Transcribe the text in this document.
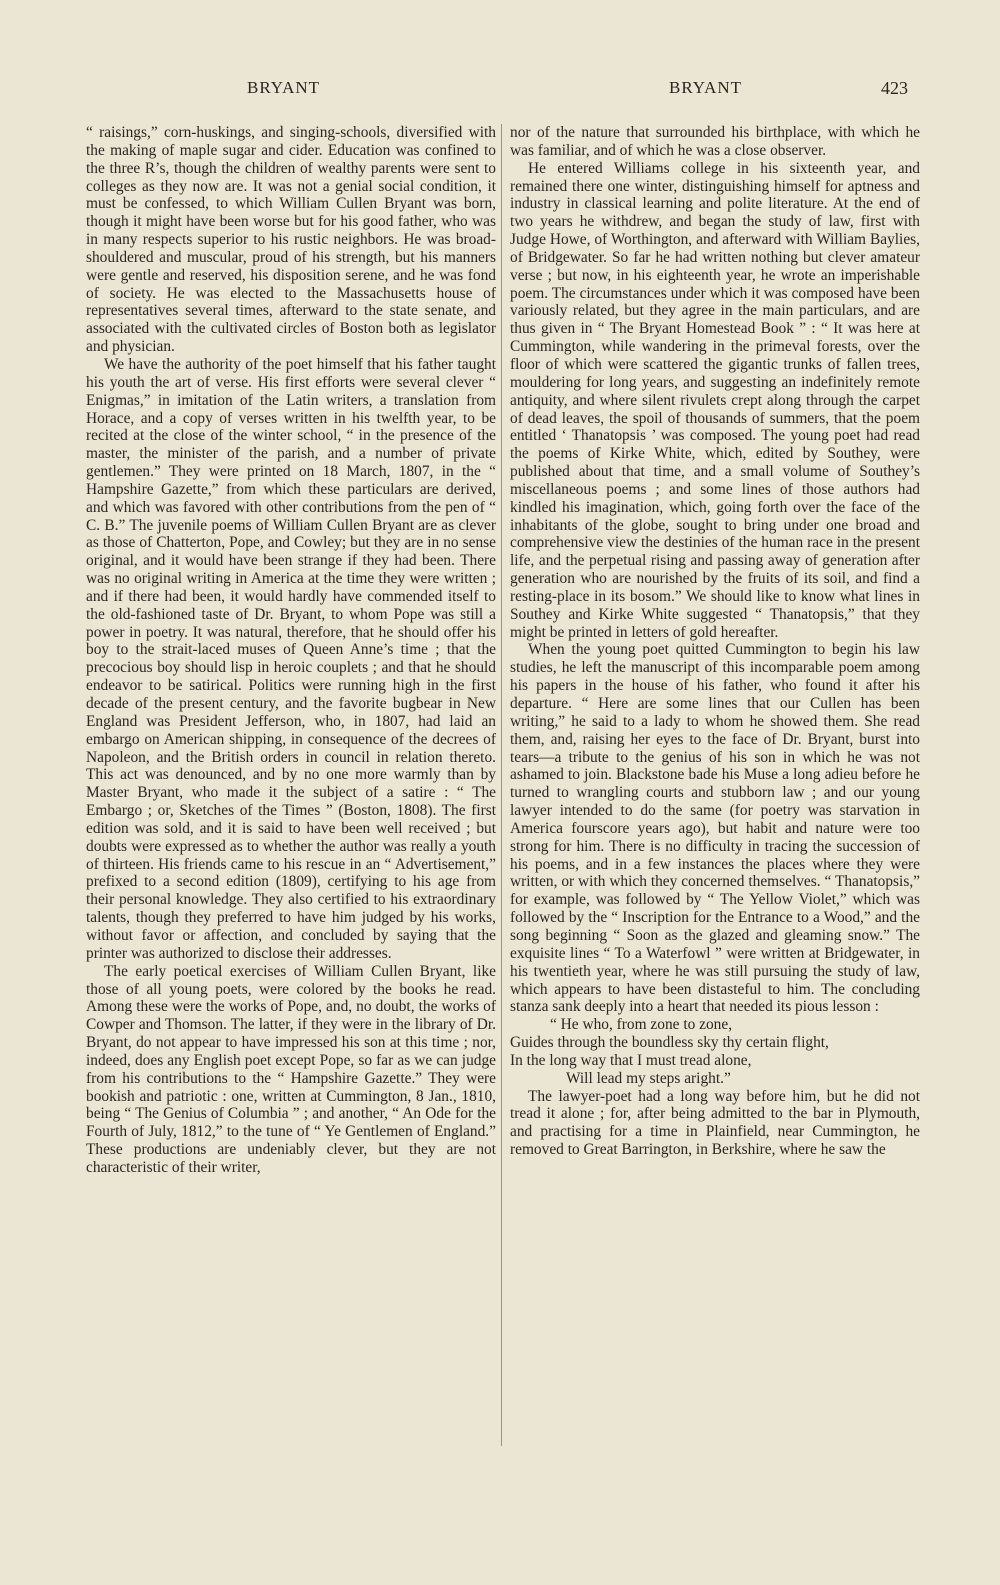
BRYANT	BRYANT	423

“ raisings,” corn-huskings, and singing-schools, diversified with the making of maple sugar and cider. Education was confined to the three R’s, though the children of wealthy parents were sent to colleges as they now are. It was not a genial social condition, it must be confessed, to which William Cullen Bryant was born, though it might have been worse but for his good father, who was in many respects superior to his rustic neighbors. He was broad-shouldered and muscular, proud of his strength, but his manners were gentle and reserved, his disposition serene, and he was fond of society. He was elected to the Massachusetts house of representatives several times, afterward to the state senate, and associated with the cultivated circles of Boston both as legislator and physician.

We have the authority of the poet himself that his father taught his youth the art of verse. His first efforts were several clever “ Enigmas,” in imitation of the Latin writers, a translation from Horace, and a copy of verses written in his twelfth year, to be recited at the close of the winter school, “ in the presence of the master, the minister of the parish, and a number of private gentlemen.” They were printed on 18 March, 1807, in the “ Hampshire Gazette,” from which these particulars are derived, and which was favored with other contributions from the pen of “ C. B.” The juvenile poems of William Cullen Bryant are as clever as those of Chatterton, Pope, and Cowley; but they are in no sense original, and it would have been strange if they had been. There was no original writing in America at the time they were written ; and if there had been, it would hardly have commended itself to the old-fashioned taste of Dr. Bryant, to whom Pope was still a power in poetry. It was natural, therefore, that he should offer his boy to the strait-laced muses of Queen Anne’s time ; that the precocious boy should lisp in heroic couplets ; and that he should endeavor to be satirical. Politics were running high in the first decade of the present century, and the favorite bugbear in New England was President Jefferson, who, in 1807, had laid an embargo on American shipping, in consequence of the decrees of Napoleon, and the British orders in council in relation thereto. This act was denounced, and by no one more warmly than by Master Bryant, who made it the subject of a satire : “ The Embargo ; or, Sketches of the Times ” (Boston, 1808). The first edition was sold, and it is said to have been well received ; but doubts were expressed as to whether the author was really a youth of thirteen. His friends came to his rescue in an “ Advertisement,” prefixed to a second edition (1809), certifying to his age from their personal knowledge. They also certified to his extraordinary talents, though they preferred to have him judged by his works, without favor or affection, and concluded by saying that the printer was authorized to disclose their addresses.

The early poetical exercises of William Cullen Bryant, like those of all young poets, were colored by the books he read. Among these were the works of Pope, and, no doubt, the works of Cowper and Thomson. The latter, if they were in the library of Dr. Bryant, do not appear to have impressed his son at this time ; nor, indeed, does any English poet except Pope, so far as we can judge from his contributions to the “ Hampshire Gazette.” They were bookish and patriotic : one, written at Cummington, 8 Jan., 1810, being “ The Genius of Columbia ” ; and another, “ An Ode for the Fourth of July, 1812,” to the tune of “ Ye Gentlemen of England.” These productions are undeniably clever, but they are not characteristic of their writer,

nor of the nature that surrounded his birthplace, with which he was familiar, and of which he was a close observer.

He entered Williams college in his sixteenth year, and remained there one winter, distinguishing himself for aptness and industry in classical learning and polite literature. At the end of two years he withdrew, and began the study of law, first with Judge Howe, of Worthington, and afterward with William Baylies, of Bridgewater. So far he had written nothing but clever amateur verse ; but now, in his eighteenth year, he wrote an imperishable poem. The circumstances under which it was composed have been variously related, but they agree in the main particulars, and are thus given in “ The Bryant Homestead Book ” : “ It was here at Cummington, while wandering in the primeval forests, over the floor of which were scattered the gigantic trunks of fallen trees, mouldering for long years, and suggesting an indefinitely remote antiquity, and where silent rivulets crept along through the carpet of dead leaves, the spoil of thousands of summers, that the poem entitled ‘ Thanatopsis ’ was composed. The young poet had read the poems of Kirke White, which, edited by Southey, were published about that time, and a small volume of Southey’s miscellaneous poems ; and some lines of those authors had kindled his imagination, which, going forth over the face of the inhabitants of the globe, sought to bring under one broad and comprehensive view the destinies of the human race in the present life, and the perpetual rising and passing away of generation after generation who are nourished by the fruits of its soil, and find a resting-place in its bosom.” We should like to know what lines in Southey and Kirke White suggested “ Thanatopsis,” that they might be printed in letters of gold hereafter.

When the young poet quitted Cummington to begin his law studies, he left the manuscript of this incomparable poem among his papers in the house of his father, who found it after his departure. “ Here are some lines that our Cullen has been writing,” he said to a lady to whom he showed them. She read them, and, raising her eyes to the face of Dr. Bryant, burst into tears—a tribute to the genius of his son in which he was not ashamed to join. Blackstone bade his Muse a long adieu before he turned to wrangling courts and stubborn law ; and our young lawyer intended to do the same (for poetry was starvation in America fourscore years ago), but habit and nature were too strong for him. There is no difficulty in tracing the succession of his poems, and in a few instances the places where they were written, or with which they concerned themselves. “ Thanatopsis,” for example, was followed by “ The Yellow Violet,” which was followed by the “ Inscription for the Entrance to a Wood,” and the song beginning “ Soon as the glazed and gleaming snow.” The exquisite lines “ To a Waterfowl ” were written at Bridgewater, in his twentieth year, where he was still pursuing the study of law, which appears to have been distasteful to him. The concluding stanza sank deeply into a heart that needed its pious lesson :

“ He who, from zone to zone,

Guides through the boundless sky thy certain flight,

In the long way that I must tread alone,

Will lead my steps aright.”

The lawyer-poet had a long way before him, but he did not tread it alone ; for, after being admitted to the bar in Plymouth, and practising for a time in Plainfield, near Cummington, he removed to Great Barrington, in Berkshire, where he saw the
